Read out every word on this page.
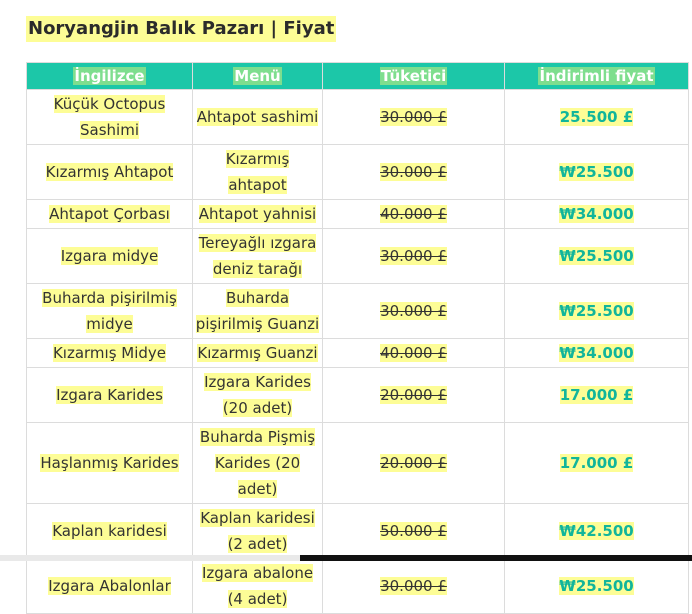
Noryangjin Balık Pazarı | Fiyat
İngilizce	Menü	Tüketici	İndirimli fiyat
Küçük Octopus Sashimi	Ahtapot sashimi	30.000 £	25.500 £
Kızarmış Ahtapot	Kızarmış ahtapot	30.000 £	₩25.500
Ahtapot Çorbası	Ahtapot yahnisi	40.000 £	₩34.000
Izgara midye	Tereyağlı ızgara deniz tarağı	30.000 £	₩25.500
Buharda pişirilmiş midye	Buharda pişirilmiş Guanzi	30.000 £	₩25.500
Kızarmış Midye	Kızarmış Guanzi	40.000 £	₩34.000
Izgara Karides	Izgara Karides (20 adet)	20.000 £	17.000 £
Haşlanmış Karides	Buharda Pişmiş Karides (20 adet)	20.000 £	17.000 £
Kaplan karidesi	Kaplan karidesi (2 adet)	50.000 £	₩42.500
Izgara Abalonlar	Izgara abalone (4 adet)	30.000 £	₩25.500
